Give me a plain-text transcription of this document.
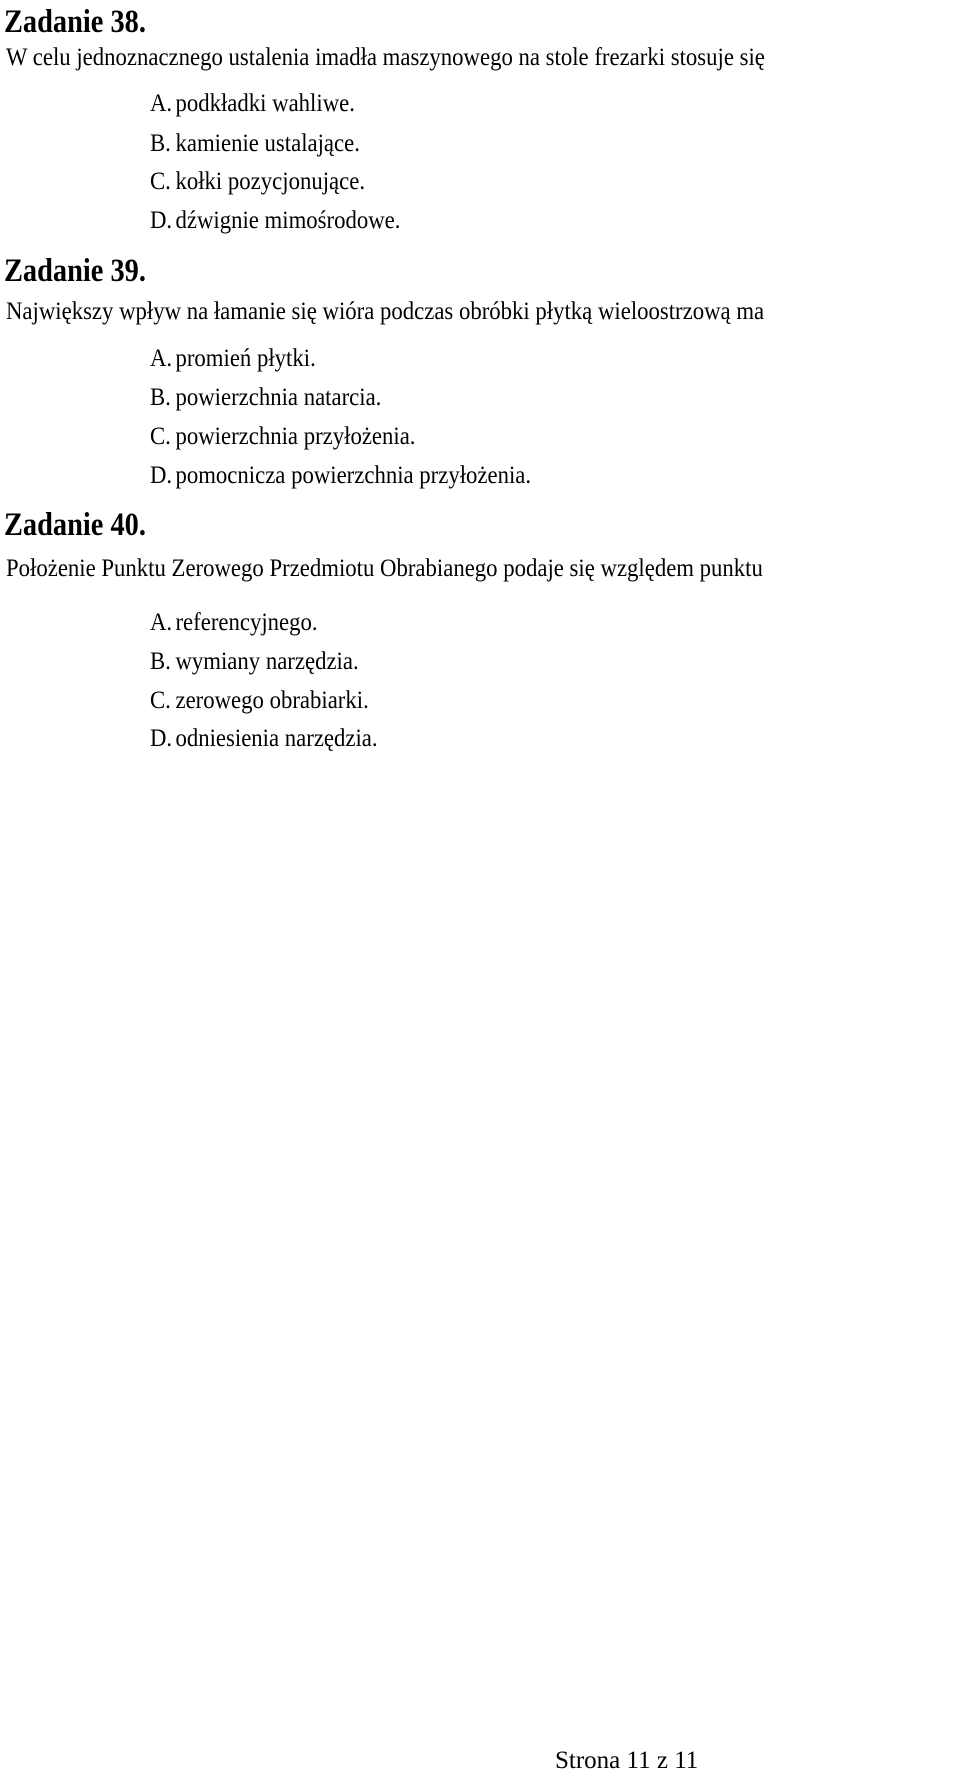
Zadanie 38.
W celu jednoznacznego ustalenia imadła maszynowego na stole frezarki stosuje się
A. podkładki wahliwe.
B. kamienie ustalające.
C. kołki pozycjonujące.
D. dźwignie mimośrodowe.
Zadanie 39.
Największy wpływ na łamanie się wióra podczas obróbki płytką wieloostrzową ma
A. promień płytki.
B. powierzchnia natarcia.
C. powierzchnia przyłożenia.
D. pomocnicza powierzchnia przyłożenia.
Zadanie 40.
Położenie Punktu Zerowego Przedmiotu Obrabianego podaje się względem punktu
A. referencyjnego.
B. wymiany narzędzia.
C. zerowego obrabiarki.
D. odniesienia narzędzia.
Strona 11 z 11
